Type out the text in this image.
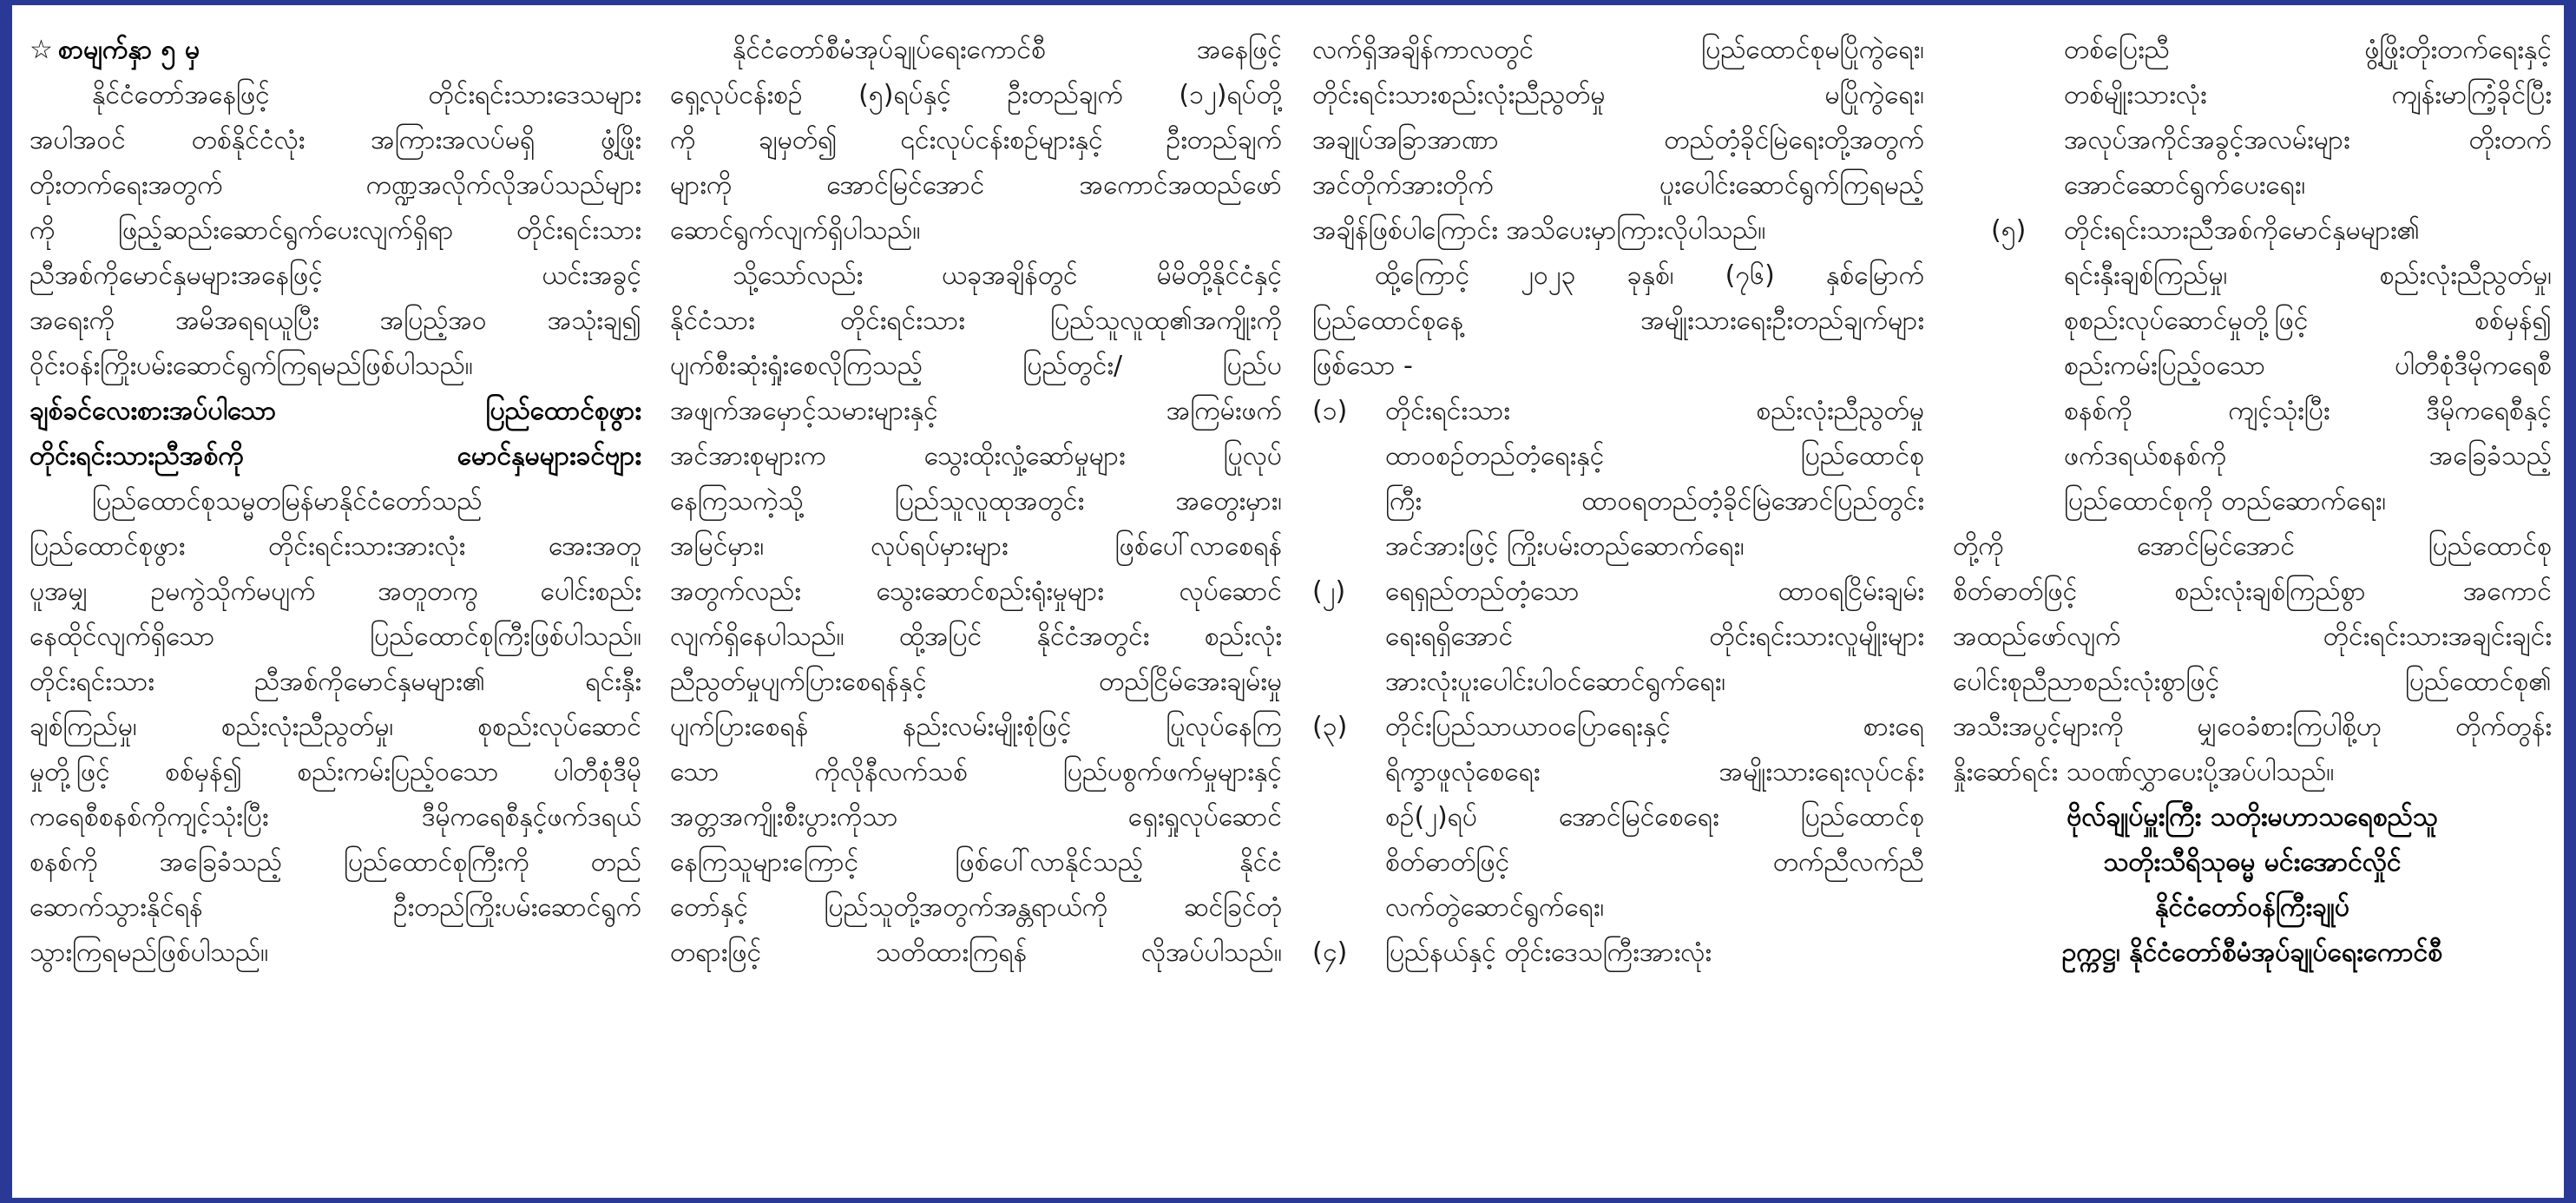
☆ စာမျက်နှာ ၅ မှ
နိုင်ငံတော်အနေဖြင့် တိုင်းရင်းသားဒေသများ
အပါအဝင် တစ်နိုင်ငံလုံး အကြားအလပ်မရှိ ဖွံ့ဖြိုး
တိုးတက်ရေးအတွက် ကဏ္ဍအလိုက်လိုအပ်သည်များ
ကို ဖြည့်ဆည်းဆောင်ရွက်ပေးလျက်ရှိရာ တိုင်းရင်းသား
ညီအစ်ကိုမောင်နှမများအနေဖြင့် ယင်းအခွင့်
အရေးကို အမိအရရယူပြီး အပြည့်အဝ အသုံးချ၍
ဝိုင်းဝန်းကြိုးပမ်းဆောင်ရွက်ကြရမည်ဖြစ်ပါသည်။
ချစ်ခင်လေးစားအပ်ပါသော ပြည်ထောင်စုဖွား
တိုင်းရင်းသားညီအစ်ကို မောင်နှမများခင်ဗျား
ပြည်ထောင်စုသမ္မတမြန်မာနိုင်ငံတော်သည်
ပြည်ထောင်စုဖွား တိုင်းရင်းသားအားလုံး အေးအတူ
ပူအမျှ ဥမကွဲသိုက်မပျက် အတူတကွ ပေါင်းစည်း
နေထိုင်လျက်ရှိသော ပြည်ထောင်စုကြီးဖြစ်ပါသည်။
တိုင်းရင်းသား ညီအစ်ကိုမောင်နှမများ၏ ရင်းနှီး
ချစ်ကြည်မှု၊ စည်းလုံးညီညွတ်မှု၊ စုစည်းလုပ်ဆောင်
မှုတို့ဖြင့် စစ်မှန်၍ စည်းကမ်းပြည့်ဝသော ပါတီစုံဒီမို
ကရေစီစနစ်ကိုကျင့်သုံးပြီး ဒီမိုကရေစီနှင့်ဖက်ဒရယ်
စနစ်ကို အခြေခံသည့် ပြည်ထောင်စုကြီးကို တည်
ဆောက်သွားနိုင်ရန် ဦးတည်ကြိုးပမ်းဆောင်ရွက်
သွားကြရမည်ဖြစ်ပါသည်။
နိုင်ငံတော်စီမံအုပ်ချုပ်ရေးကောင်စီ အနေဖြင့်
ရှေ့လုပ်ငန်းစဉ် (၅)ရပ်နှင့် ဦးတည်ချက် (၁၂)ရပ်တို့
ကို ချမှတ်၍ ၎င်းလုပ်ငန်းစဉ်များနှင့် ဦးတည်ချက်
များကို အောင်မြင်အောင် အကောင်အထည်ဖော်
ဆောင်ရွက်လျက်ရှိပါသည်။
သို့သော်လည်း ယခုအချိန်တွင် မိမိတို့နိုင်ငံနှင့်
နိုင်ငံသား တိုင်းရင်းသား ပြည်သူလူထု၏အကျိုးကို
ပျက်စီးဆုံးရှုံးစေလိုကြသည့် ပြည်တွင်း/ ပြည်ပ
အဖျက်အမှောင့်သမားများနှင့် အကြမ်းဖက်
အင်အားစုများက သွေးထိုးလှုံ့ဆော်မှုများ ပြုလုပ်
နေကြသကဲ့သို့ ပြည်သူလူထုအတွင်း အတွေးမှား၊
အမြင်မှား၊ လုပ်ရပ်မှားများ ဖြစ်ပေါ်လာစေရန်
အတွက်လည်း သွေးဆောင်စည်းရုံးမှုများ လုပ်ဆောင်
လျက်ရှိနေပါသည်။ ထို့အပြင် နိုင်ငံအတွင်း စည်းလုံး
ညီညွတ်မှုပျက်ပြားစေရန်နှင့် တည်ငြိမ်အေးချမ်းမှု
ပျက်ပြားစေရန် နည်းလမ်းမျိုးစုံဖြင့် ပြုလုပ်နေကြ
သော ကိုလိုနီလက်သစ် ပြည်ပစွက်ဖက်မှုများနှင့်
အတ္တအကျိုးစီးပွားကိုသာ ရှေးရှုလုပ်ဆောင်
နေကြသူများကြောင့် ဖြစ်ပေါ်လာနိုင်သည့် နိုင်ငံ
တော်နှင့် ပြည်သူတို့အတွက်အန္တရာယ်ကို ဆင်ခြင်တုံ
တရားဖြင့် သတိထားကြရန် လိုအပ်ပါသည်။
လက်ရှိအချိန်ကာလတွင် ပြည်ထောင်စုမပြိုကွဲရေး၊
တိုင်းရင်းသားစည်းလုံးညီညွတ်မှု မပြိုကွဲရေး၊
အချုပ်အခြာအာဏာ တည်တံ့ခိုင်မြဲရေးတို့အတွက်
အင်တိုက်အားတိုက် ပူးပေါင်းဆောင်ရွက်ကြရမည့်
အချိန်ဖြစ်ပါကြောင်း အသိပေးမှာကြားလိုပါသည်။
ထို့ကြောင့် ၂၀၂၃ ခုနှစ်၊ (၇၆) နှစ်မြောက်
ပြည်ထောင်စုနေ့ အမျိုးသားရေးဦးတည်ချက်များ
ဖြစ်သော -
(၁) တိုင်းရင်းသား စည်းလုံးညီညွတ်မှု
ထာဝစဉ်တည်တံ့ရေးနှင့် ပြည်ထောင်စု
ကြီး ထာဝရတည်တံ့ခိုင်မြဲအောင်ပြည်တွင်း
အင်အားဖြင့် ကြိုးပမ်းတည်ဆောက်ရေး၊
(၂) ရေရှည်တည်တံ့သော ထာဝရငြိမ်းချမ်း
ရေးရရှိအောင် တိုင်းရင်းသားလူမျိုးများ
အားလုံးပူးပေါင်းပါဝင်ဆောင်ရွက်ရေး၊
(၃) တိုင်းပြည်သာယာဝပြောရေးနှင့် စားရေ
ရိက္ခာဖူလုံစေရေး အမျိုးသားရေးလုပ်ငန်း
စဉ်(၂)ရပ် အောင်မြင်စေရေး ပြည်ထောင်စု
စိတ်ဓာတ်ဖြင့် တက်ညီလက်ညီ
လက်တွဲဆောင်ရွက်ရေး၊
(၄) ပြည်နယ်နှင့် တိုင်းဒေသကြီးအားလုံး
တစ်ပြေးညီ ဖွံ့ဖြိုးတိုးတက်ရေးနှင့်
တစ်မျိုးသားလုံး ကျန်းမာကြံ့ခိုင်ပြီး
အလုပ်အကိုင်အခွင့်အလမ်းများ တိုးတက်
အောင်ဆောင်ရွက်ပေးရေး၊
(၅) တိုင်းရင်းသားညီအစ်ကိုမောင်နှမများ၏
ရင်းနှီးချစ်ကြည်မှု၊ စည်းလုံးညီညွတ်မှု၊
စုစည်းလုပ်ဆောင်မှုတို့ဖြင့် စစ်မှန်၍
စည်းကမ်းပြည့်ဝသော ပါတီစုံဒီမိုကရေစီ
စနစ်ကို ကျင့်သုံးပြီး ဒီမိုကရေစီနှင့်
ဖက်ဒရယ်စနစ်ကို အခြေခံသည့်
ပြည်ထောင်စုကို တည်ဆောက်ရေး၊
တို့ကို အောင်မြင်အောင် ပြည်ထောင်စု
စိတ်ဓာတ်ဖြင့် စည်းလုံးချစ်ကြည်စွာ အကောင်
အထည်ဖော်လျက် တိုင်းရင်းသားအချင်းချင်း
ပေါင်းစုညီညာစည်းလုံးစွာဖြင့် ပြည်ထောင်စု၏
အသီးအပွင့်များကို မျှဝေခံစားကြပါစို့ဟု တိုက်တွန်း
နှိုးဆော်ရင်း သဝဏ်လွှာပေးပို့အပ်ပါသည်။
ဗိုလ်ချုပ်မှူးကြီး သတိုးမဟာသရေစည်သူ
သတိုးသီရိသုဓမ္မ မင်းအောင်လှိုင်
နိုင်ငံတော်ဝန်ကြီးချုပ်
ဥက္ကဋ္ဌ၊ နိုင်ငံတော်စီမံအုပ်ချုပ်ရေးကောင်စီ
